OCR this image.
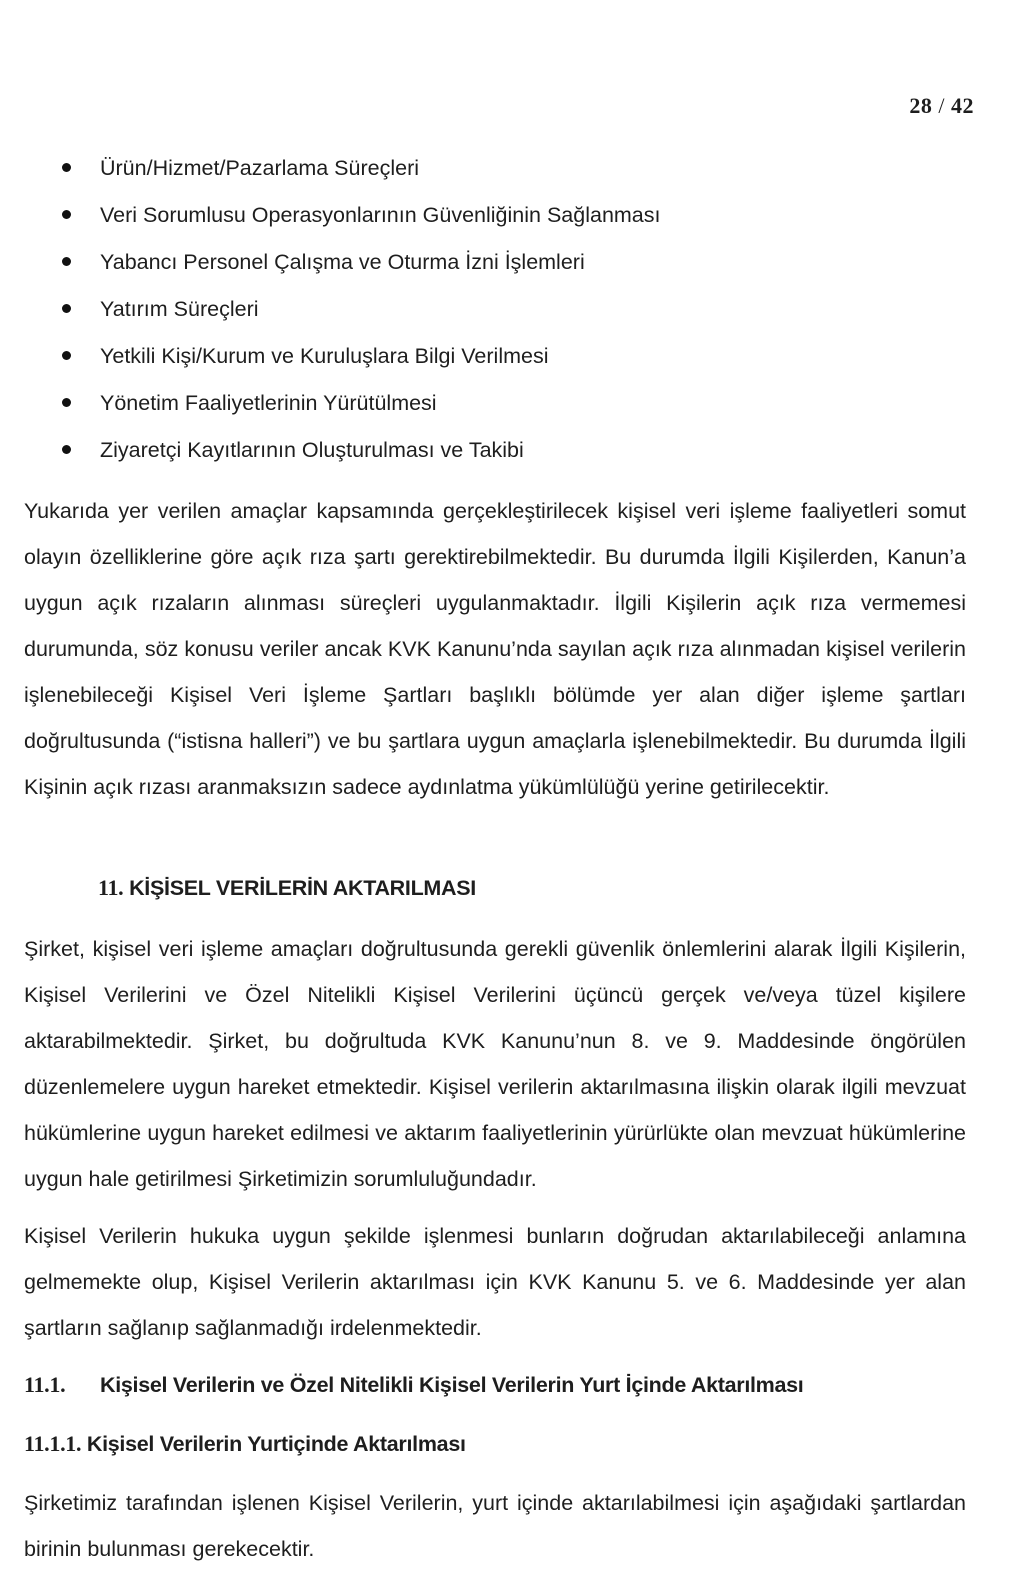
28 / 42
Ürün/Hizmet/Pazarlama Süreçleri
Veri Sorumlusu Operasyonlarının Güvenliğinin Sağlanması
Yabancı Personel Çalışma ve Oturma İzni İşlemleri
Yatırım Süreçleri
Yetkili Kişi/Kurum ve Kuruluşlara Bilgi Verilmesi
Yönetim Faaliyetlerinin Yürütülmesi
Ziyaretçi Kayıtlarının Oluşturulması ve Takibi

Yukarıda yer verilen amaçlar kapsamında gerçekleştirilecek kişisel veri işleme faaliyetleri somut olayın özelliklerine göre açık rıza şartı gerektirebilmektedir. Bu durumda İlgili Kişilerden, Kanun’a uygun açık rızaların alınması süreçleri uygulanmaktadır. İlgili Kişilerin açık rıza vermemesi durumunda, söz konusu veriler ancak KVK Kanunu’nda sayılan açık rıza alınmadan kişisel verilerin işlenebileceği Kişisel Veri İşleme Şartları başlıklı bölümde yer alan diğer işleme şartları doğrultusunda (“istisna halleri”) ve bu şartlara uygun amaçlarla işlenebilmektedir. Bu durumda İlgili Kişinin açık rızası aranmaksızın sadece aydınlatma yükümlülüğü yerine getirilecektir.

11. KİŞİSEL VERİLERİN AKTARILMASI

Şirket, kişisel veri işleme amaçları doğrultusunda gerekli güvenlik önlemlerini alarak İlgili Kişilerin, Kişisel Verilerini ve Özel Nitelikli Kişisel Verilerini üçüncü gerçek ve/veya tüzel kişilere aktarabilmektedir. Şirket, bu doğrultuda KVK Kanunu’nun 8. ve 9. Maddesinde öngörülen düzenlemelere uygun hareket etmektedir. Kişisel verilerin aktarılmasına ilişkin olarak ilgili mevzuat hükümlerine uygun hareket edilmesi ve aktarım faaliyetlerinin yürürlükte olan mevzuat hükümlerine uygun hale getirilmesi Şirketimizin sorumluluğundadır.

Kişisel Verilerin hukuka uygun şekilde işlenmesi bunların doğrudan aktarılabileceği anlamına gelmemekte olup, Kişisel Verilerin aktarılması için KVK Kanunu 5. ve 6. Maddesinde yer alan şartların sağlanıp sağlanmadığı irdelenmektedir.

11.1. Kişisel Verilerin ve Özel Nitelikli Kişisel Verilerin Yurt İçinde Aktarılması
11.1.1. Kişisel Verilerin Yurtiçinde Aktarılması

Şirketimiz tarafından işlenen Kişisel Verilerin, yurt içinde aktarılabilmesi için aşağıdaki şartlardan birinin bulunması gerekecektir.
